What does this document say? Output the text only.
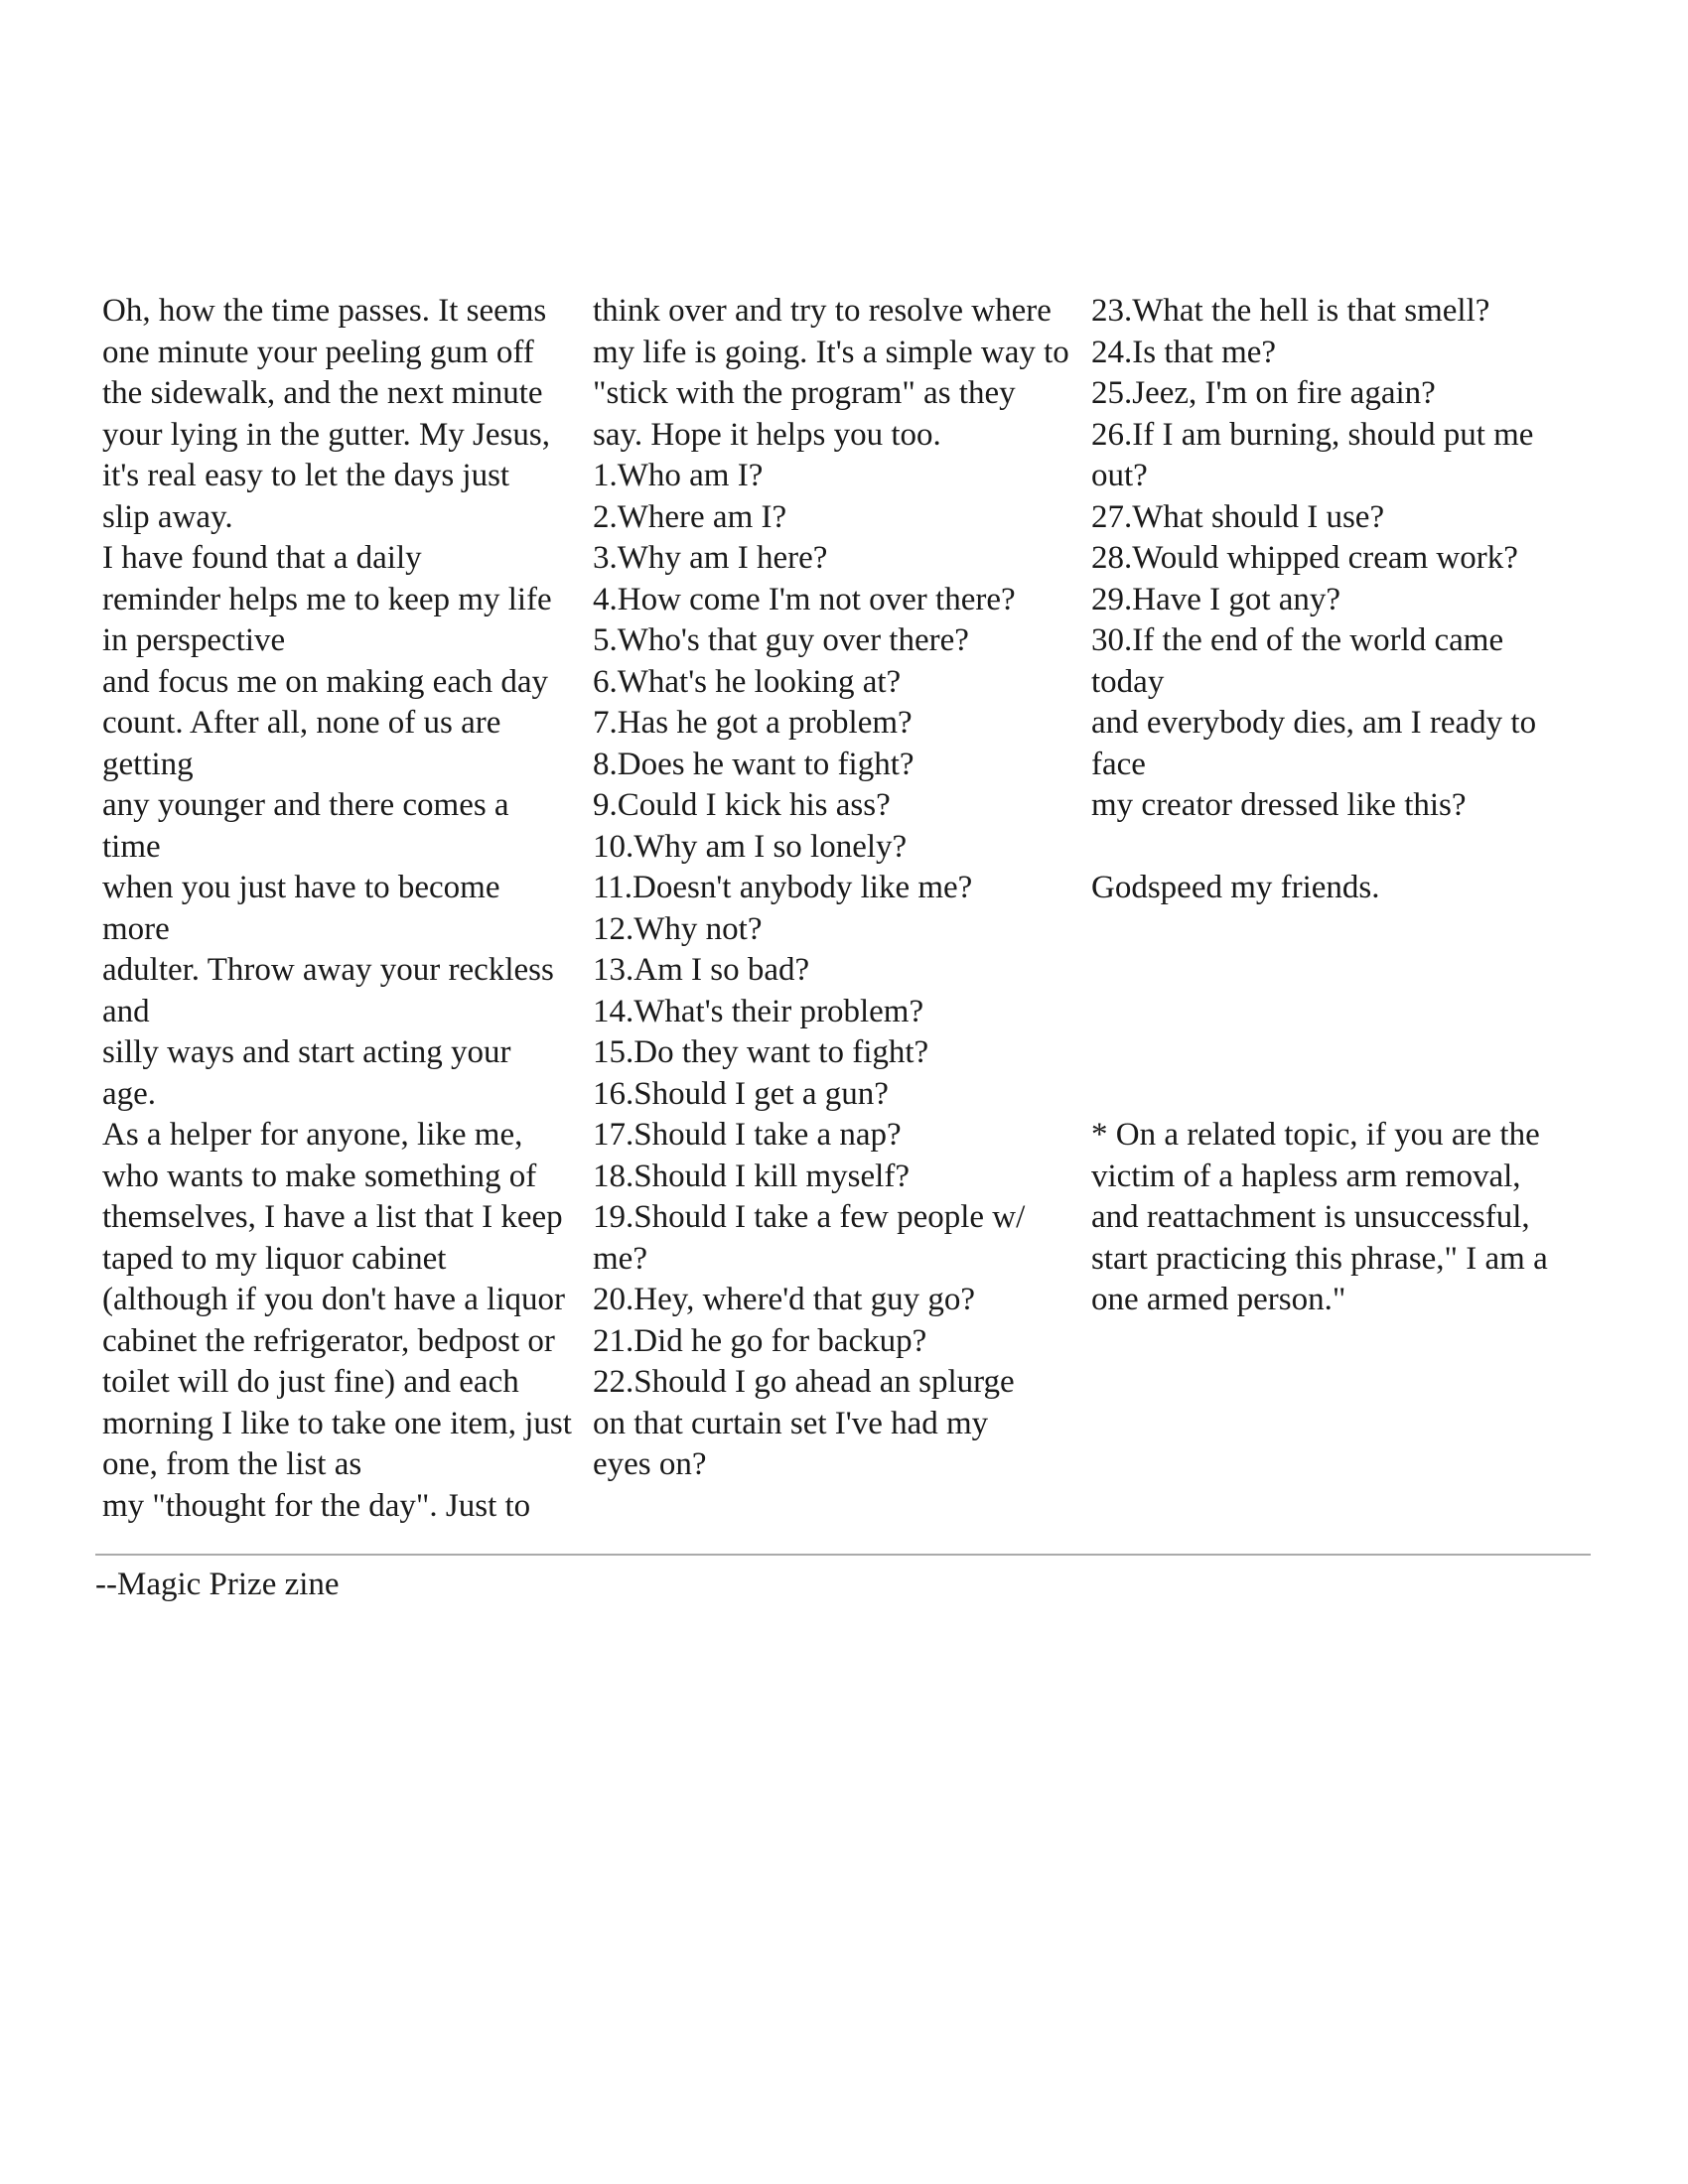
Oh, how the time passes. It seems
one minute your peeling gum off
the sidewalk, and the next minute
your lying in the gutter. My Jesus,
it's real easy to let the days just
slip away.
I have found that a daily
reminder helps me to keep my life
in perspective
and focus me on making each day
count. After all, none of us are
getting
any younger and there comes a
time
when you just have to become
more
adulter. Throw away your reckless
and
silly ways and start acting your
age.
As a helper for anyone, like me,
who wants to make something of
themselves, I have a list that I keep
taped to my liquor cabinet
(although if you don't have a liquor
cabinet the refrigerator, bedpost or
toilet will do just fine) and each
morning I like to take one item, just
one, from the list as
my "thought for the day". Just to
think over and try to resolve where
my life is going. It's a simple way to
"stick with the program" as they
say. Hope it helps you too.
1.Who am I?
2.Where am I?
3.Why am I here?
4.How come I'm not over there?
5.Who's that guy over there?
6.What's he looking at?
7.Has he got a problem?
8.Does he want to fight?
9.Could I kick his ass?
10.Why am I so lonely?
11.Doesn't anybody like me?
12.Why not?
13.Am I so bad?
14.What's their problem?
15.Do they want to fight?
16.Should I get a gun?
17.Should I take a nap?
18.Should I kill myself?
19.Should I take a few people w/
me?
20.Hey, where'd that guy go?
21.Did he go for backup?
22.Should I go ahead an splurge
on that curtain set I've had my
eyes on?
23.What the hell is that smell?
24.Is that me?
25.Jeez, I'm on fire again?
26.If I am burning, should put me
out?
27.What should I use?
28.Would whipped cream work?
29.Have I got any?
30.If the end of the world came
today
and everybody dies, am I ready to
face
my creator dressed like this?
Godspeed my friends.
* On a related topic, if you are the
victim of a hapless arm removal,
and reattachment is unsuccessful,
start practicing this phrase," I am a
one armed person."
--Magic Prize zine
